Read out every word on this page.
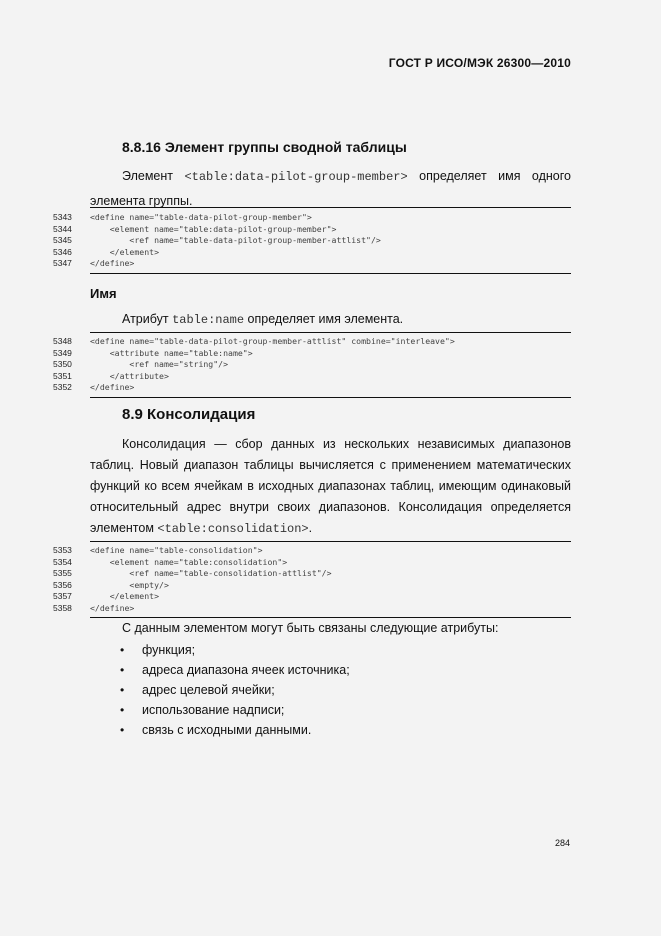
ГОСТ Р ИСО/МЭК 26300—2010
8.8.16 Элемент группы сводной таблицы
Элемент <table:data-pilot-group-member> определяет имя одного
элемента группы.
5343	<define name="table-data-pilot-group-member">
5344	<element name="table:data-pilot-group-member">
5345	<ref name="table-data-pilot-group-member-attlist"/>
5346	</element>
5347	</define>
Имя
Атрибут table:name определяет имя элемента.
5348	<define name="table-data-pilot-group-member-attlist" combine="interleave">
5349	<attribute name="table:name">
5350	<ref name="string"/>
5351	</attribute>
5352	</define>
8.9 Консолидация
Консолидация — сбор данных из нескольких независимых диапазонов
таблиц. Новый диапазон таблицы вычисляется с применением математических
функций ко всем ячейкам в исходных диапазонах таблиц, имеющим одинаковый
относительный адрес внутри своих диапазонов. Консолидация определяется
элементом <table:consolidation>.
5353	<define name="table-consolidation">
5354	<element name="table:consolidation">
5355	<ref name="table-consolidation-attlist"/>
5356	<empty/>
5357	</element>
5358	</define>
С данным элементом могут быть связаны следующие атрибуты:
• функция;
• адреса диапазона ячеек источника;
• адрес целевой ячейки;
• использование надписи;
• связь с исходными данными.
284
